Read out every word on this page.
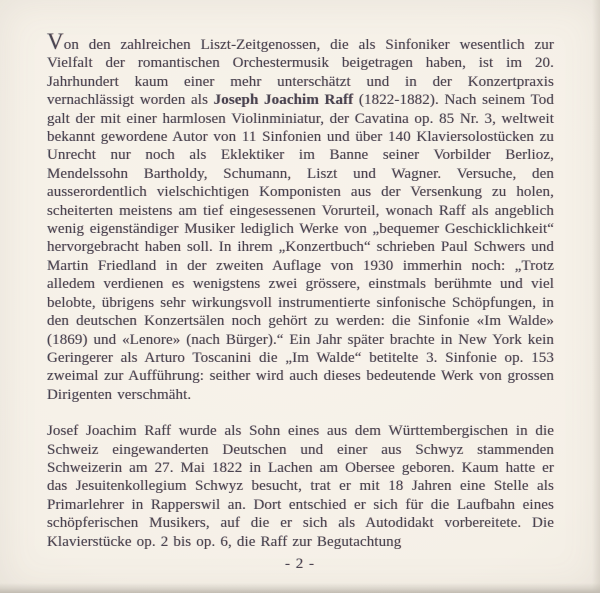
Von den zahlreichen Liszt-Zeitgenossen, die als Sinfoniker wesentlich zur Vielfalt der romantischen Orchestermusik beigetragen haben, ist im 20. Jahrhundert kaum einer mehr unterschätzt und in der Konzertpraxis vernachlässigt worden als Joseph Joachim Raff (1822-1882). Nach seinem Tod galt der mit einer harmlosen Violinminiatur, der Cavatina op. 85 Nr. 3, weltweit bekannt gewordene Autor von 11 Sinfonien und über 140 Klaviersolostücken zu Unrecht nur noch als Eklektiker im Banne seiner Vorbilder Berlioz, Mendelssohn Bartholdy, Schumann, Liszt und Wagner. Versuche, den ausserordentlich vielschichtigen Komponisten aus der Versenkung zu holen, scheiterten meistens am tief eingesessenen Vorurteil, wonach Raff als angeblich wenig eigenständiger Musiker lediglich Werke von „bequemer Geschicklichkeit“ hervorgebracht haben soll. In ihrem „Konzertbuch“ schrieben Paul Schwers und Martin Friedland in der zweiten Auflage von 1930 immerhin noch: „Trotz alledem verdienen es wenigstens zwei grössere, einstmals berühmte und viel belobte, übrigens sehr wirkungsvoll instrumentierte sinfonische Schöpfungen, in den deutschen Konzertsälen noch gehört zu werden: die Sinfonie «Im Walde» (1869) und «Lenore» (nach Bürger).“ Ein Jahr später brachte in New York kein Geringerer als Arturo Toscanini die „Im Walde“ betitelte 3. Sinfonie op. 153 zweimal zur Aufführung: seither wird auch dieses bedeutende Werk von grossen Dirigenten verschmäht.

Josef Joachim Raff wurde als Sohn eines aus dem Württembergischen in die Schweiz eingewanderten Deutschen und einer aus Schwyz stammenden Schweizerin am 27. Mai 1822 in Lachen am Obersee geboren. Kaum hatte er das Jesuitenkollegium Schwyz besucht, trat er mit 18 Jahren eine Stelle als Primarlehrer in Rapperswil an. Dort entschied er sich für die Laufbahn eines schöpferischen Musikers, auf die er sich als Autodidakt vorbereitete. Die Klavierstücke op. 2 bis op. 6, die Raff zur Begutachtung

- 2 -
